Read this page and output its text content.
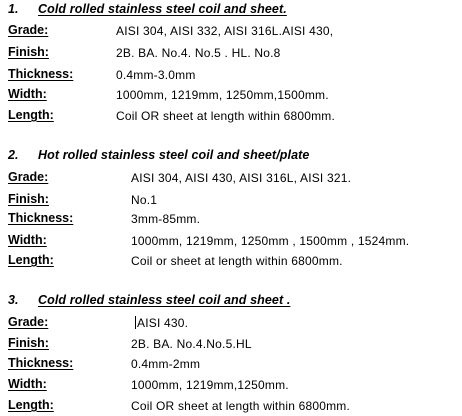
1. Cold rolled stainless steel coil and sheet.
Grade:	AISI 304, AISI 332, AISI 316L.AISI 430,
Finish:	2B. BA. No.4. No.5 . HL. No.8
Thickness:	0.4mm-3.0mm
Width:	1000mm, 1219mm, 1250mm,1500mm.
Length:	Coil OR sheet at length within 6800mm.
2. Hot rolled stainless steel coil and sheet/plate
Grade:	AISI 304, AISI 430, AISI 316L, AISI 321.
Finish:	No.1
Thickness:	3mm-85mm.
Width:	1000mm, 1219mm, 1250mm , 1500mm , 1524mm.
Length:	Coil or sheet at length within 6800mm.
3. Cold rolled stainless steel coil and sheet .
Grade:	AISI 430.
Finish:	2B. BA. No.4.No.5.HL
Thickness:	0.4mm-2mm
Width:	1000mm, 1219mm,1250mm.
Length:	Coil OR sheet at length within 6800mm.
